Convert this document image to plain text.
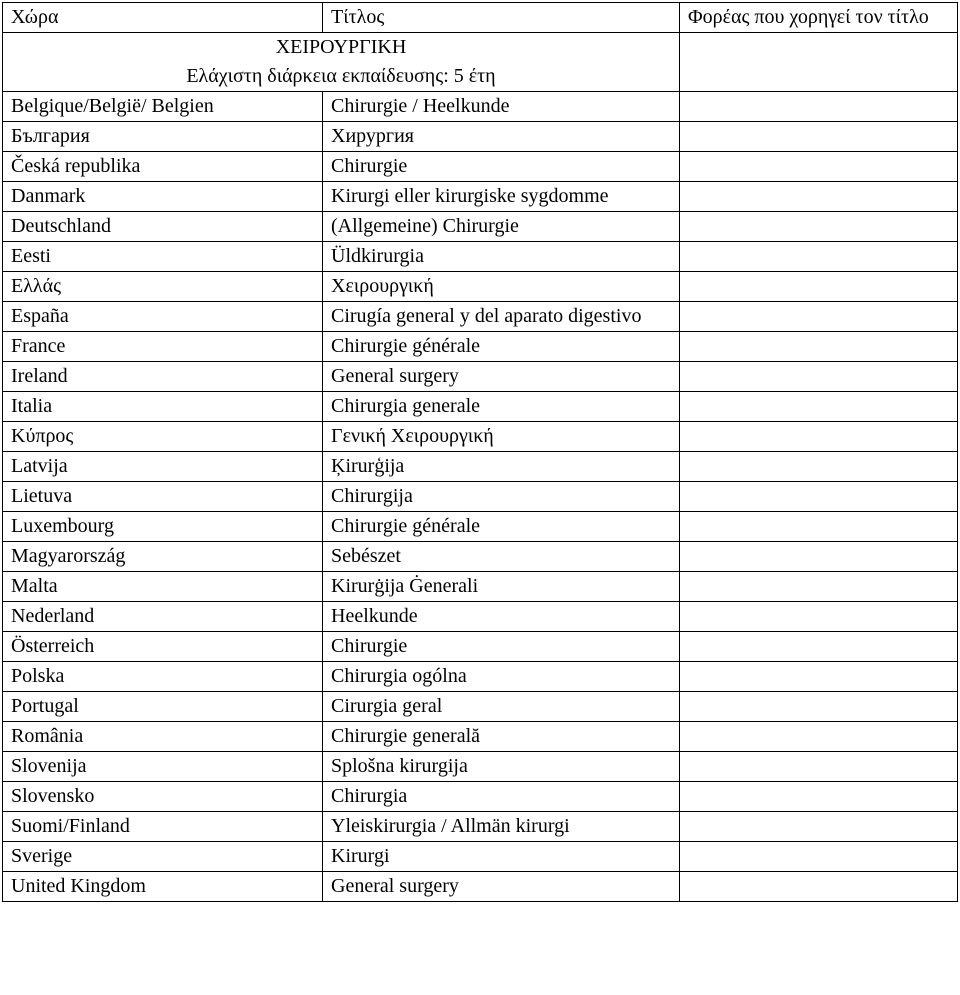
Χώρα	Τίτλος	Φορέας που χορηγεί τον τίτλο

ΧΕΙΡΟΥΡΓΙΚΗ
Ελάχιστη διάρκεια εκπαίδευσης: 5 έτη		

Belgique/België/ Belgien	Chirurgie / Heelkunde	
България	Хирургия	
Česká republika	Chirurgie	
Danmark	Kirurgi eller kirurgiske sygdomme	
Deutschland	(Allgemeine) Chirurgie	
Eesti	Üldkirurgia	
Ελλάς	Χειρουργική	
España	Cirugía general y del aparato digestivo	
France	Chirurgie générale	
Ireland	General surgery	
Italia	Chirurgia generale	
Κύπρος	Γενική Χειρουργική	
Latvija	Ķirurģija	
Lietuva	Chirurgija	
Luxembourg	Chirurgie générale	
Magyarország	Sebészet	
Malta	Kirurġija Ġenerali	
Nederland	Heelkunde	
Österreich	Chirurgie	
Polska	Chirurgia ogólna	
Portugal	Cirurgia geral	
România	Chirurgie generală	
Slovenija	Splošna kirurgija	
Slovensko	Chirurgia	
Suomi/Finland	Yleiskirurgia / Allmän kirurgi	
Sverige	Kirurgi	
United Kingdom	General surgery	
